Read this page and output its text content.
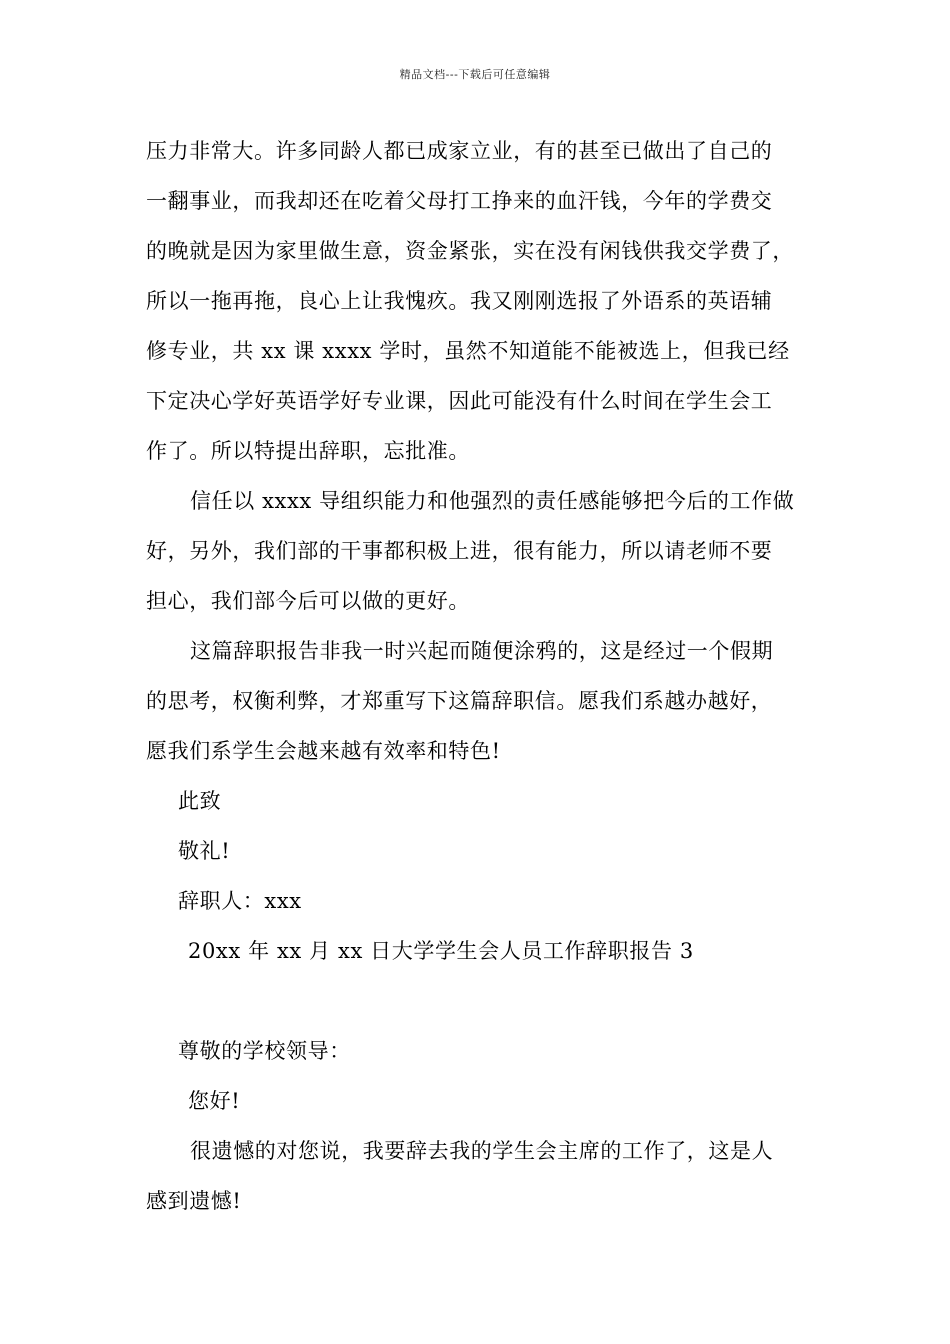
精品文档---下载后可任意编辑
压力非常大。许多同龄人都已成家立业，有的甚至已做出了自己的
一翻事业，而我却还在吃着父母打工挣来的血汗钱，今年的学费交
的晚就是因为家里做生意，资金紧张，实在没有闲钱供我交学费了，
所以一拖再拖，良心上让我愧疚。我又刚刚选报了外语系的英语辅
修专业，共 xx 课 xxxx 学时，虽然不知道能不能被选上，但我已经
下定决心学好英语学好专业课，因此可能没有什么时间在学生会工
作了。所以特提出辞职，忘批准。
信任以 xxxx 导组织能力和他强烈的责任感能够把今后的工作做
好，另外，我们部的干事都积极上进，很有能力，所以请老师不要
担心，我们部今后可以做的更好。
这篇辞职报告非我一时兴起而随便涂鸦的，这是经过一个假期
的思考，权衡利弊，才郑重写下这篇辞职信。愿我们系越办越好，
愿我们系学生会越来越有效率和特色!
此致
敬礼!
辞职人：xxx
20xx 年 xx 月 xx 日大学学生会人员工作辞职报告 3
尊敬的学校领导：
您好!
很遗憾的对您说，我要辞去我的学生会主席的工作了，这是人
感到遗憾!
